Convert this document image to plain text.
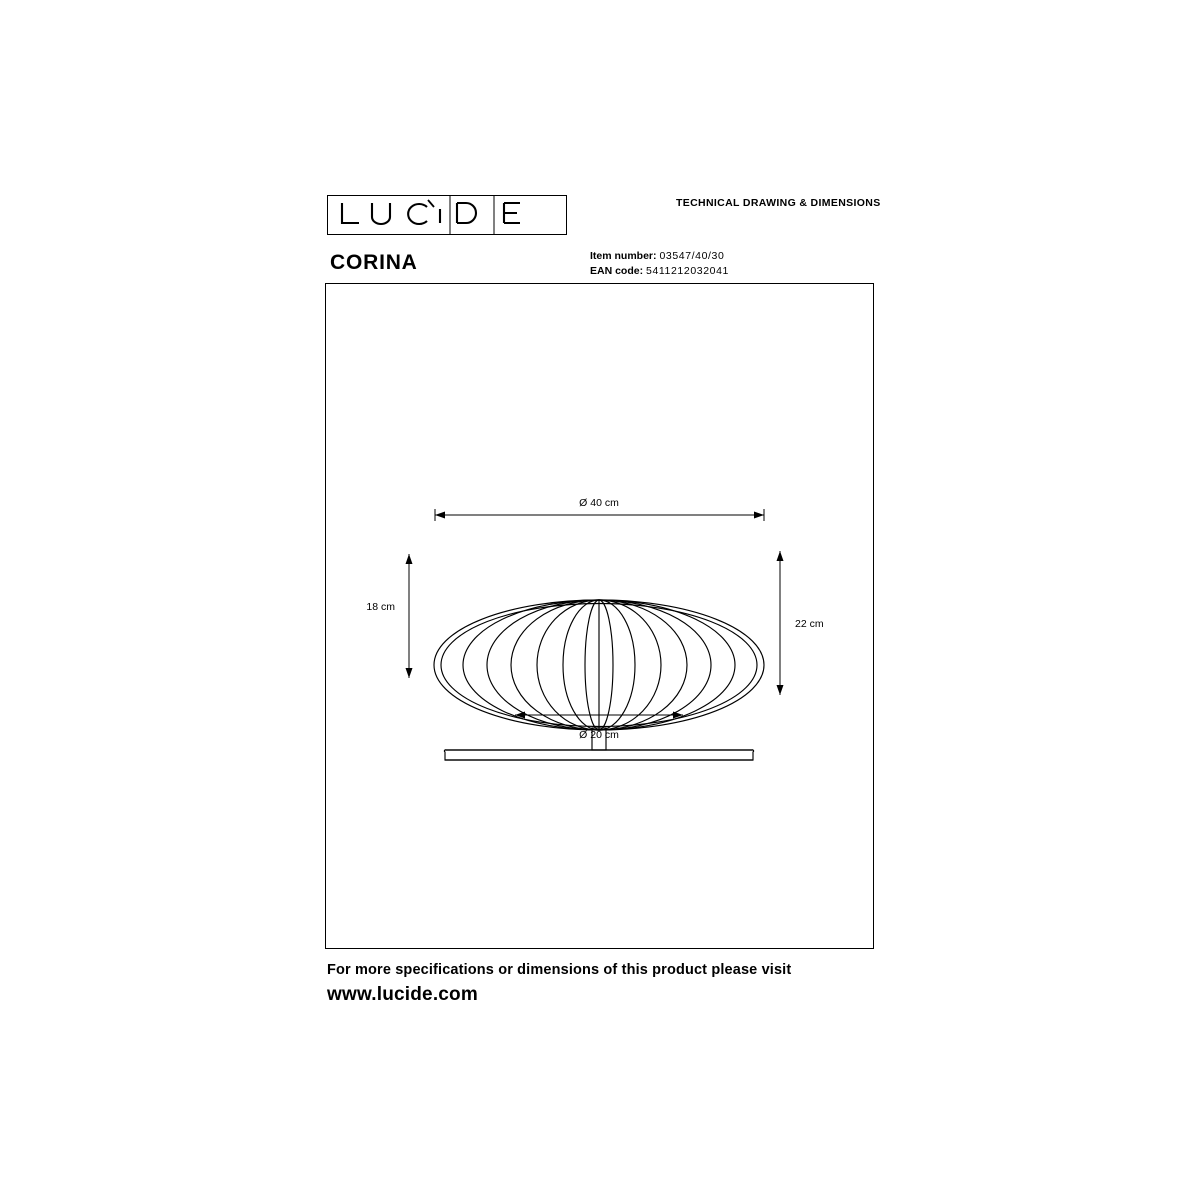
TECHNICAL DRAWING & DIMENSIONS
CORINA	Item number: 03547/40/30
EAN code: 5411212032041
Ø 40 cm
18 cm
22 cm
Ø 20 cm
For more specifications or dimensions of this product please visit
www.lucide.com
